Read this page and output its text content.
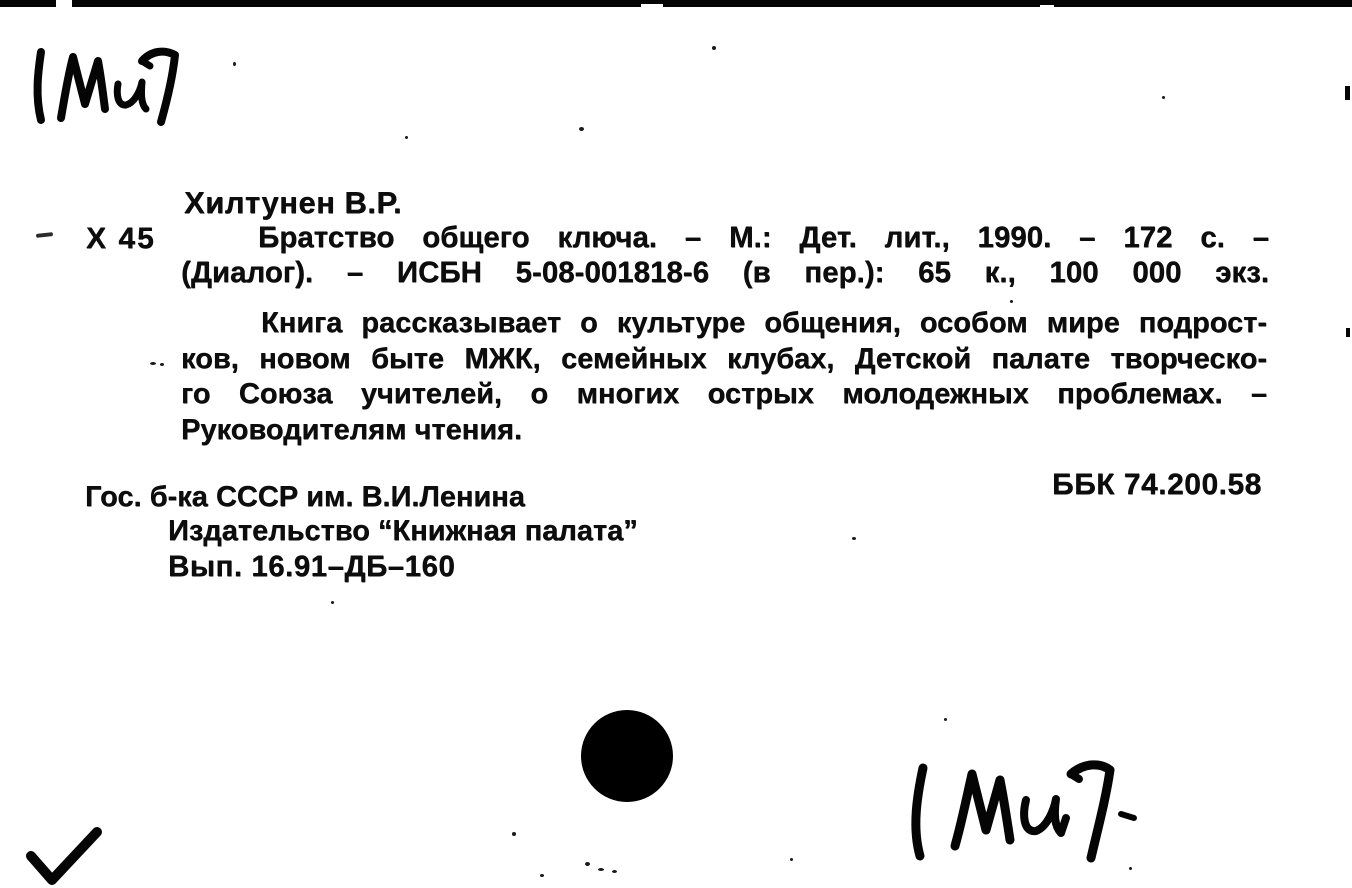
Хилтунен В.Р.
Х 45	Братство общего ключа. – М.: Дет. лит., 1990. – 172 с. –
(Диалог). – ИСБН 5-08-001818-6 (в пер.): 65 к., 100 000 экз.
Книга рассказывает о культуре общения, особом мире подрост-
ков, новом быте МЖК, семейных клубах, Детской палате творческо-
го Союза учителей, о многих острых молодежных проблемах. –
Руководителям чтения.
Гос. б-ка СССР им. В.И.Ленина	ББК 74.200.58
Издательство “Книжная палата”
Вып. 16.91–ДБ–160
